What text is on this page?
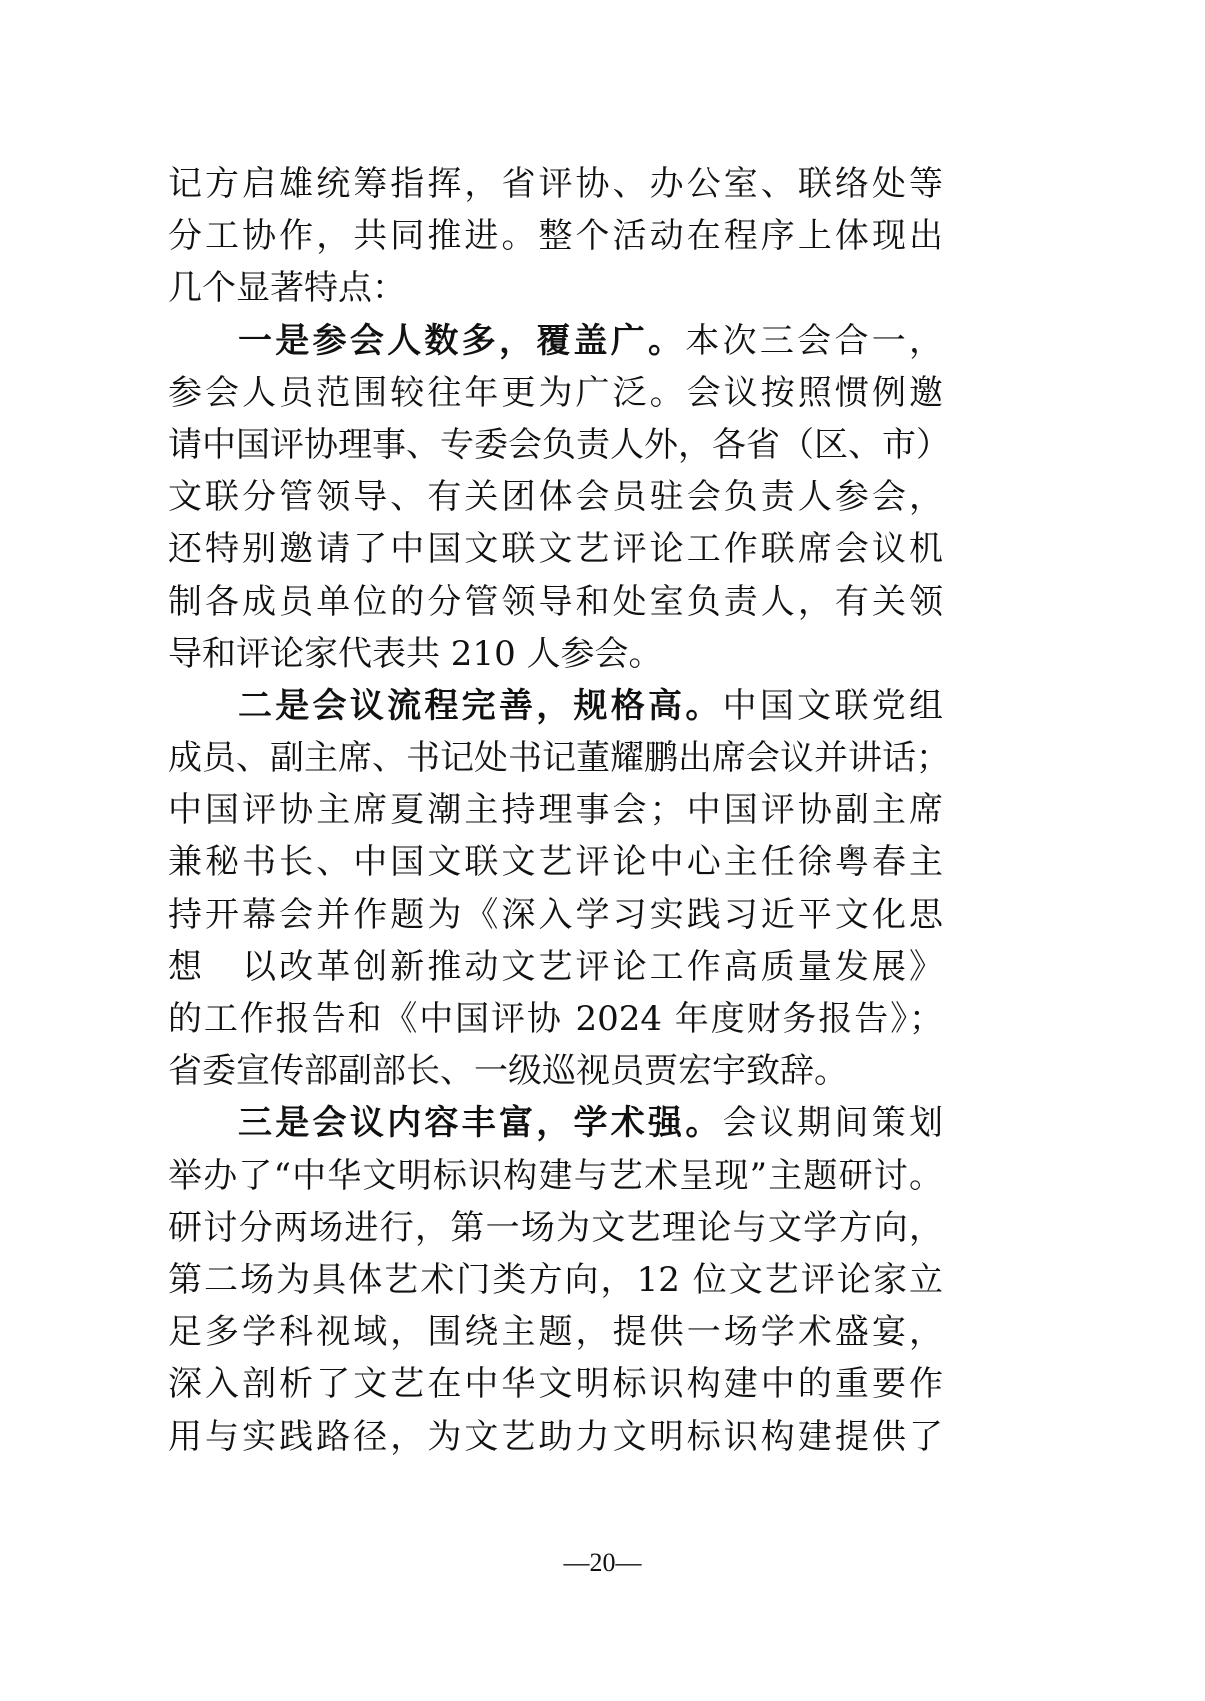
记方启雄统筹指挥，省评协、办公室、联络处等
分工协作，共同推进。整个活动在程序上体现出
几个显著特点：
一是参会人数多，覆盖广。本次三会合一，
参会人员范围较往年更为广泛。会议按照惯例邀
请中国评协理事、专委会负责人外，各省（区、市）
文联分管领导、有关团体会员驻会负责人参会，
还特别邀请了中国文联文艺评论工作联席会议机
制各成员单位的分管领导和处室负责人，有关领
导和评论家代表共 210 人参会。
二是会议流程完善，规格高。中国文联党组
成员、副主席、书记处书记董耀鹏出席会议并讲话；
中国评协主席夏潮主持理事会；中国评协副主席
兼秘书长、中国文联文艺评论中心主任徐粤春主
持开幕会并作题为《深入学习实践习近平文化思
想　以改革创新推动文艺评论工作高质量发展》
的工作报告和《中国评协 2024 年度财务报告》；
省委宣传部副部长、一级巡视员贾宏宇致辞。
三是会议内容丰富，学术强。会议期间策划
举办了“中华文明标识构建与艺术呈现”主题研讨。
研讨分两场进行，第一场为文艺理论与文学方向，
第二场为具体艺术门类方向，12 位文艺评论家立
足多学科视域，围绕主题，提供一场学术盛宴，
深入剖析了文艺在中华文明标识构建中的重要作
用与实践路径，为文艺助力文明标识构建提供了
—20—
